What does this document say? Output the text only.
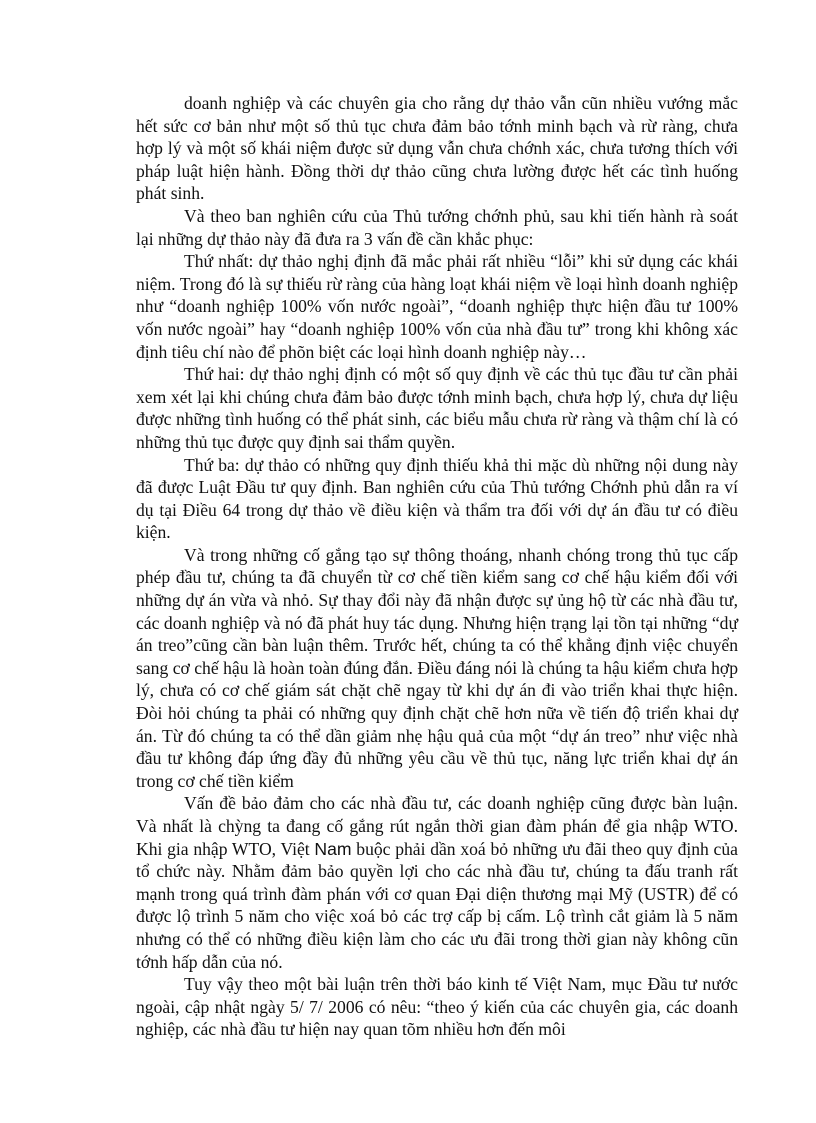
doanh nghiệp và các chuyên gia cho rằng dự thảo vẫn cũn nhiều vướng mắc hết sức cơ bản như một số thủ tục chưa đảm bảo tớnh minh bạch và rừ ràng, chưa hợp lý và một số khái niệm được sử dụng vẫn chưa chớnh xác, chưa tương thích với pháp luật hiện hành. Đồng thời dự thảo cũng chưa lường được hết các tình huống phát sinh.

Và theo ban nghiên cứu của Thủ tướng chớnh phủ, sau khi tiến hành rà soát lại những dự thảo này đã đưa ra 3 vấn đề cần khắc phục:

Thứ nhất: dự thảo nghị định đã mắc phải rất nhiều “lỗi” khi sử dụng các khái niệm. Trong đó là sự thiếu rừ ràng của hàng loạt khái niệm về loại hình doanh nghiệp như “doanh nghiệp 100% vốn nước ngoài”, “doanh nghiệp thực hiện đầu tư 100% vốn nước ngoài” hay “doanh nghiệp 100% vốn của nhà đầu tư” trong khi không xác định tiêu chí nào để phõn biệt các loại hình doanh nghiệp này…

Thứ hai: dự thảo nghị định có một số quy định về các thủ tục đầu tư cần phải xem xét lại khi chúng chưa đảm bảo được tớnh minh bạch, chưa hợp lý, chưa dự liệu được những tình huống có thể phát sinh, các biểu mẫu chưa rừ ràng và thậm chí là có những thủ tục được quy định sai thẩm quyền.

Thứ ba: dự thảo có những quy định thiếu khả thi mặc dù những nội dung này đã được Luật Đầu tư quy định. Ban nghiên cứu của Thủ tướng Chớnh phủ dẫn ra ví dụ tại Điều 64 trong dự thảo về điều kiện và thẩm tra đối với dự án đầu tư có điều kiện.

Và trong những cố gắng tạo sự thông thoáng, nhanh chóng trong thủ tục cấp phép đầu tư, chúng ta đã chuyển từ cơ chế tiền kiểm sang cơ chế hậu kiểm đối với những dự án vừa và nhỏ. Sự thay đổi này đã nhận được sự ủng hộ từ các nhà đầu tư, các doanh nghiệp và nó đã phát huy tác dụng. Nhưng hiện trạng lại tồn tại những “dự án treo”cũng cần bàn luận thêm. Trước hết, chúng ta có thể khẳng định việc chuyển sang cơ chế hậu là hoàn toàn đúng đắn. Điều đáng nói là chúng ta hậu kiểm chưa hợp lý, chưa có cơ chế giám sát chặt chẽ ngay từ khi dự án đi vào triển khai thực hiện. Đòi hỏi chúng ta phải có những quy định chặt chẽ hơn nữa về tiến độ triển khai dự án. Từ đó chúng ta có thể dần giảm nhẹ hậu quả của một “dự án treo” như việc nhà đầu tư không đáp ứng đầy đủ những yêu cầu về thủ tục, năng lực triển khai dự án trong cơ chế tiền kiểm

Vấn đề bảo đảm cho các nhà đầu tư, các doanh nghiệp cũng được bàn luận. Và nhất là chỳng ta đang cố gắng rút ngắn thời gian đàm phán để gia nhập WTO. Khi gia nhập WTO, Việt Nam buộc phải dần xoá bỏ những ưu đãi theo quy định của tổ chức này. Nhằm đảm bảo quyền lợi cho các nhà đầu tư, chúng ta đấu tranh rất mạnh trong quá trình đàm phán với cơ quan Đại diện thương mại Mỹ (USTR) để có được lộ trình 5 năm cho việc xoá bỏ các trợ cấp bị cấm. Lộ trình cắt giảm là 5 năm nhưng có thể có những điều kiện làm cho các ưu đãi trong thời gian này không cũn tớnh hấp dẫn của nó.

Tuy vậy theo một bài luận trên thời báo kinh tế Việt Nam, mục Đầu tư nước ngoài, cập nhật ngày 5/ 7/ 2006 có nêu: “theo ý kiến của các chuyên gia, các doanh nghiệp, các nhà đầu tư hiện nay quan tõm nhiều hơn đến môi
